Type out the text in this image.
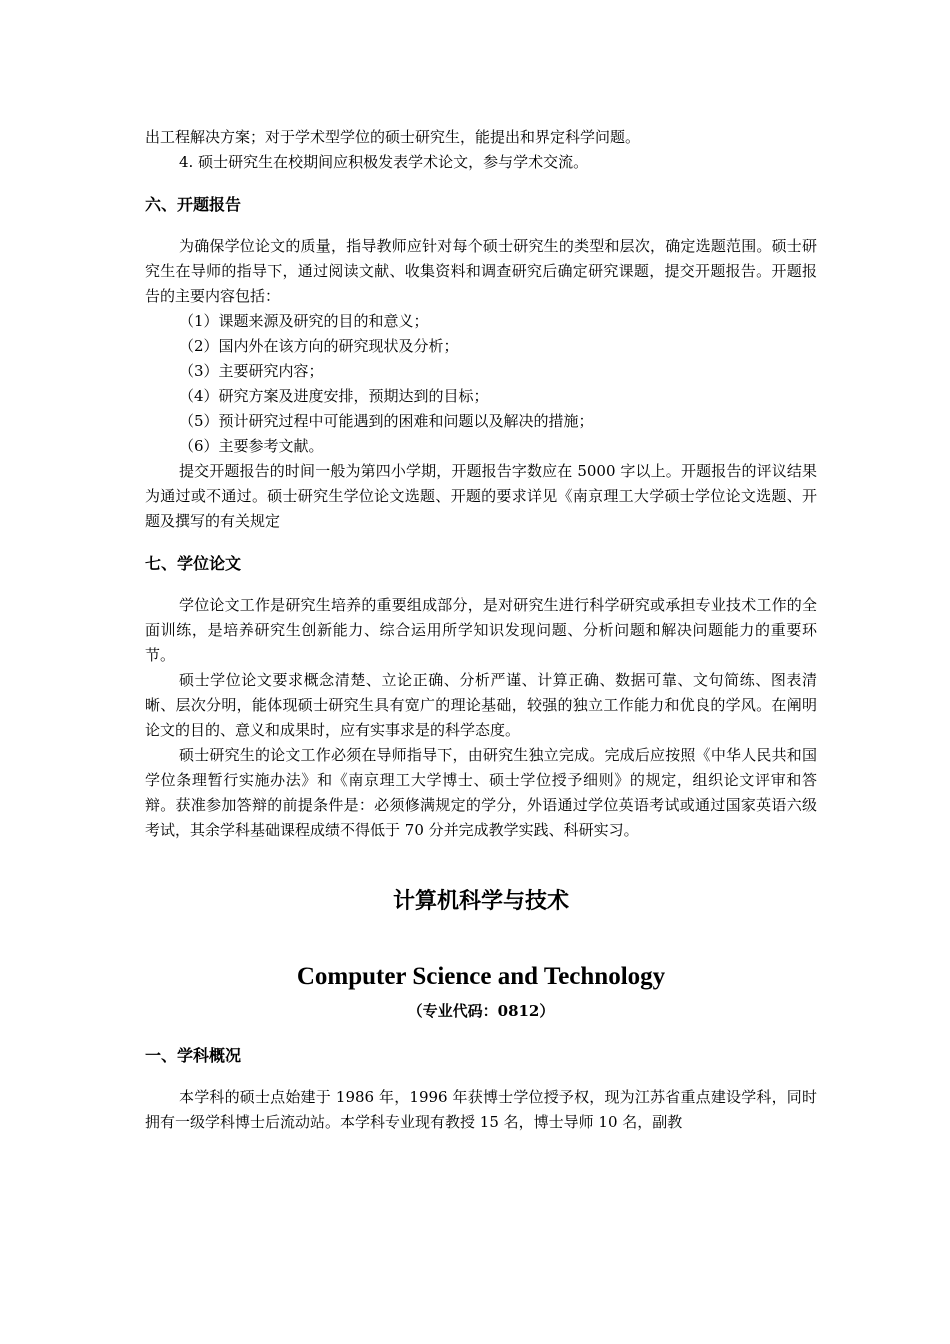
出工程解决方案；对于学术型学位的硕士研究生，能提出和界定科学问题。

4. 硕士研究生在校期间应积极发表学术论文，参与学术交流。

六、开题报告

为确保学位论文的质量，指导教师应针对每个硕士研究生的类型和层次，确定选题范围。硕士研究生在导师的指导下，通过阅读文献、收集资料和调查研究后确定研究课题，提交开题报告。开题报告的主要内容包括：

（1）课题来源及研究的目的和意义；

（2）国内外在该方向的研究现状及分析；

（3）主要研究内容；

（4）研究方案及进度安排，预期达到的目标；

（5）预计研究过程中可能遇到的困难和问题以及解决的措施；

（6）主要参考文献。

提交开题报告的时间一般为第四小学期，开题报告字数应在 5000 字以上。开题报告的评议结果为通过或不通过。硕士研究生学位论文选题、开题的要求详见《南京理工大学硕士学位论文选题、开题及撰写的有关规定

七、学位论文

学位论文工作是研究生培养的重要组成部分，是对研究生进行科学研究或承担专业技术工作的全面训练，是培养研究生创新能力、综合运用所学知识发现问题、分析问题和解决问题能力的重要环节。

硕士学位论文要求概念清楚、立论正确、分析严谨、计算正确、数据可靠、文句简练、图表清晰、层次分明，能体现硕士研究生具有宽广的理论基础，较强的独立工作能力和优良的学风。在阐明论文的目的、意义和成果时，应有实事求是的科学态度。

硕士研究生的论文工作必须在导师指导下，由研究生独立完成。完成后应按照《中华人民共和国学位条理暂行实施办法》和《南京理工大学博士、硕士学位授予细则》的规定，组织论文评审和答辩。获准参加答辩的前提条件是：必须修满规定的学分，外语通过学位英语考试或通过国家英语六级考试，其余学科基础课程成绩不得低于 70 分并完成教学实践、科研实习。

计算机科学与技术
Computer Science and Technology

（专业代码：0812）

一、学科概况

本学科的硕士点始建于 1986 年，1996 年获博士学位授予权，现为江苏省重点建设学科，同时拥有一级学科博士后流动站。本学科专业现有教授 15 名，博士导师 10 名，副教
